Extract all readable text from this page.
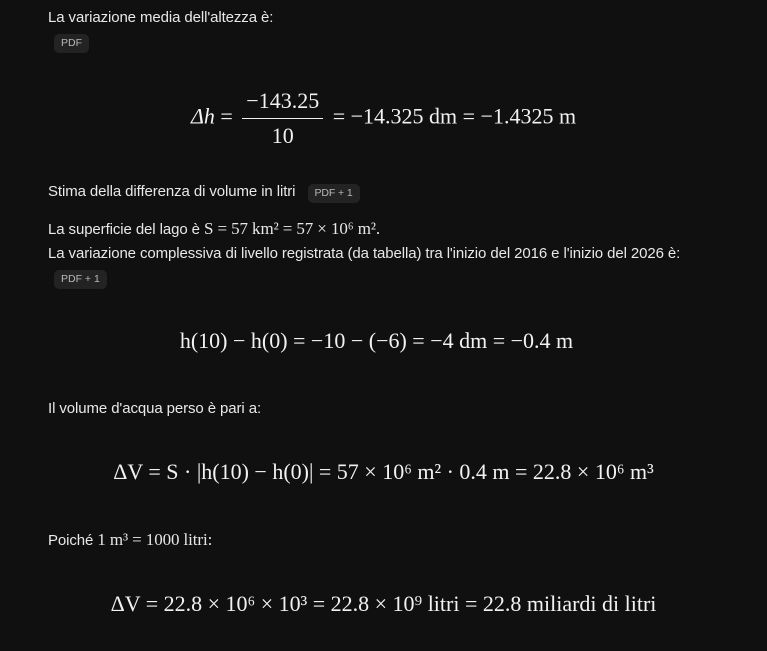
La variazione media dell'altezza è:
PDF
$\Delta h = \frac{-143.25}{10} = -14.325$ dm = −1.4325 m
Stima della differenza di volume in litri PDF + 1
La superficie del lago è S = 57 km² = 57 × 10⁶ m².
La variazione complessiva di livello registrata (da tabella) tra l'inizio del 2016 e l'inizio del 2026 è:
PDF + 1
h(10) − h(0) = −10 − (−6) = −4 dm = −0.4 m
Il volume d'acqua perso è pari a:
ΔV = S · |h(10) − h(0)| = 57 × 10⁶ m² · 0.4 m = 22.8 × 10⁶ m³
Poiché 1 m³ = 1000 litri:
ΔV = 22.8 × 10⁶ × 10³ = 22.8 × 10⁹ litri = 22.8 miliardi di litri
